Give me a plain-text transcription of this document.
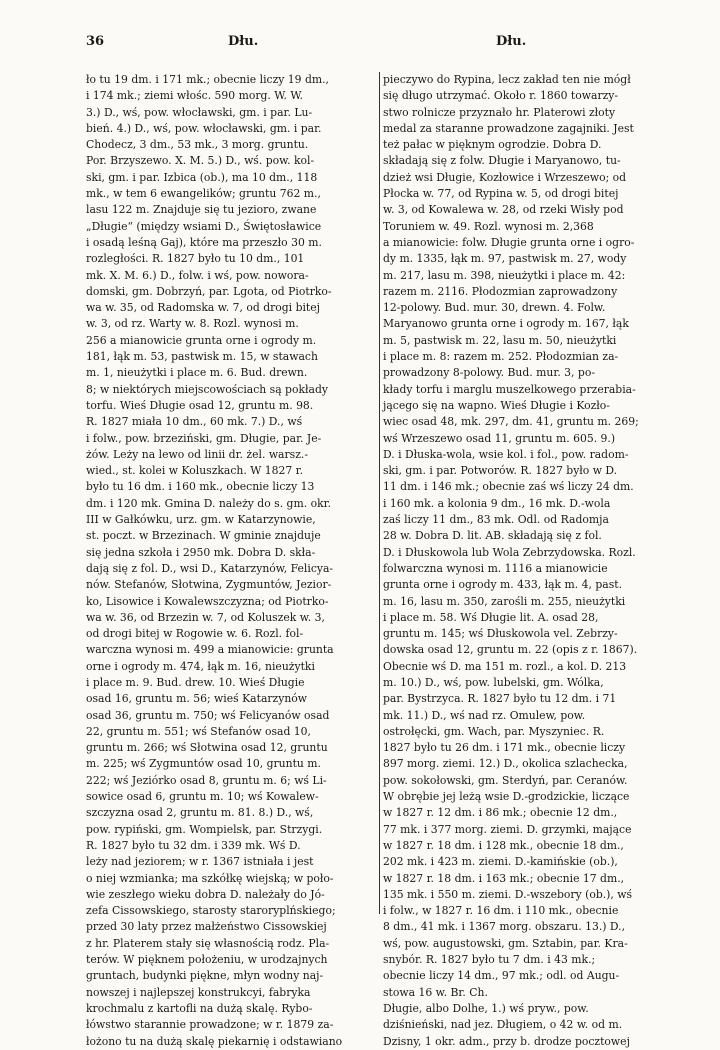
36	Dłu.	Dłu.
ło tu 19 dm. i 171 mk.; obecnie liczy 19 dm.,
i 174 mk.; ziemi włośc. 590 morg. W. W.
3.) D., wś, pow. włocławski, gm. i par. Lu-
bień. 4.) D., wś, pow. włocławski, gm. i par.
Chodecz, 3 dm., 53 mk., 3 morg. gruntu.
Por. Brzyszewo. X. M. 5.) D., wś. pow. kol-
ski, gm. i par. Izbica (ob.), ma 10 dm., 118
mk., w tem 6 ewangelików; gruntu 762 m.,
lasu 122 m. Znajduje się tu jezioro, zwane
„Długie“ (między wsiami D., Świętosławice
i osadą leśną Gaj), które ma przeszło 30 m.
rozległości. R. 1827 było tu 10 dm., 101
mk. X. M. 6.) D., folw. i wś, pow. nowora-
domski, gm. Dobrzyń, par. Lgota, od Piotrko-
wa w. 35, od Radomska w. 7, od drogi bitej
w. 3, od rz. Warty w. 8. Rozl. wynosi m.
256 a mianowicie grunta orne i ogrody m.
181, łąk m. 53, pastwisk m. 15, w stawach
m. 1, nieużytki i place m. 6. Bud. drewn.
8; w niektórych miejscowościach są pokłady
torfu. Wieś Długie osad 12, gruntu m. 98.
R. 1827 miała 10 dm., 60 mk. 7.) D., wś
i folw., pow. brzeziński, gm. Długie, par. Je-
żów. Leży na lewo od linii dr. żel. warsz.-
wied., st. kolei w Koluszkach. W 1827 r.
było tu 16 dm. i 160 mk., obecnie liczy 13
dm. i 120 mk. Gmina D. należy do s. gm. okr.
III w Gałkówku, urz. gm. w Katarzynowie,
st. poczt. w Brzezinach. W gminie znajduje
się jedna szkoła i 2950 mk. Dobra D. skła-
dają się z fol. D., wsi D., Katarzynów, Felicya-
nów. Stefanów, Słotwina, Zygmuntów, Jezior-
ko, Lisowice i Kowalewszczyzna; od Piotrko-
wa w. 36, od Brzezin w. 7, od Koluszek w. 3,
od drogi bitej w Rogowie w. 6. Rozl. fol-
warczna wynosi m. 499 a mianowicie: grunta
orne i ogrody m. 474, łąk m. 16, nieużytki
i place m. 9. Bud. drew. 10. Wieś Długie
osad 16, gruntu m. 56; wieś Katarzynów
osad 36, gruntu m. 750; wś Felicyanów osad
22, gruntu m. 551; wś Stefanów osad 10,
gruntu m. 266; wś Słotwina osad 12, gruntu
m. 225; wś Zygmuntów osad 10, gruntu m.
222; wś Jeziórko osad 8, gruntu m. 6; wś Li-
sowice osad 6, gruntu m. 10; wś Kowalew-
szczyzna osad 2, gruntu m. 81. 8.) D., wś,
pow. rypiński, gm. Wompielsk, par. Strzygi.
R. 1827 było tu 32 dm. i 339 mk. Wś D.
leży nad jeziorem; w r. 1367 istniała i jest
o niej wzmianka; ma szkółkę wiejską; w poło-
wie zeszłego wieku dobra D. należały do Jó-
zefa Cissowskiego, starosty staroryplńskiego;
przed 30 laty przez małżeństwo Cissowskiej
z hr. Platerem stały się własnością rodz. Pla-
terów. W pięknem położeniu, w urodzajnych
gruntach, budynki piękne, młyn wodny naj-
nowszej i najlepszej konstrukcyi, fabryka
krochmalu z kartofli na dużą skalę. Rybo-
łówstwo starannie prowadzone; w r. 1879 za-
łożono tu na dużą skalę piekarnię i odstawiano
pieczywo do Rypina, lecz zakład ten nie mógł
się długo utrzymać. Około r. 1860 towarzy-
stwo rolnicze przyznało hr. Platerowi złoty
medal za staranne prowadzone zagajniki. Jest
też pałac w pięknym ogrodzie. Dobra D.
składają się z folw. Długie i Maryanowo, tu-
dzież wsi Długie, Kozłowice i Wrzeszewo; od
Płocka w. 77, od Rypina w. 5, od drogi bitej
w. 3, od Kowalewa w. 28, od rzeki Wisły pod
Toruniem w. 49. Rozl. wynosi m. 2,368
a mianowicie: folw. Długie grunta orne i ogro-
dy m. 1335, łąk m. 97, pastwisk m. 27, wody
m. 217, lasu m. 398, nieużytki i place m. 42:
razem m. 2116. Płodozmian zaprowadzony
12-polowy. Bud. mur. 30, drewn. 4. Folw.
Maryanowo grunta orne i ogrody m. 167, łąk
m. 5, pastwisk m. 22, lasu m. 50, nieużytki
i place m. 8: razem m. 252. Płodozmian za-
prowadzony 8-polowy. Bud. mur. 3, po-
kłady torfu i marglu muszelkowego przerabia-
jącego się na wapno. Wieś Długie i Kozło-
wiec osad 48, mk. 297, dm. 41, gruntu m. 269;
wś Wrzeszewo osad 11, gruntu m. 605. 9.)
D. i Dłuska-wola, wsie kol. i fol., pow. radom-
ski, gm. i par. Potworów. R. 1827 było w D.
11 dm. i 146 mk.; obecnie zaś wś liczy 24 dm.
i 160 mk. a kolonia 9 dm., 16 mk. D.-wola
zaś liczy 11 dm., 83 mk. Odl. od Radomja
28 w. Dobra D. lit. AB. składają się z fol.
D. i Dłuskowola lub Wola Zebrzydowska. Rozl.
folwarczna wynosi m. 1116 a mianowicie
grunta orne i ogrody m. 433, łąk m. 4, past.
m. 16, lasu m. 350, zarośli m. 255, nieużytki
i place m. 58. Wś Długie lit. A. osad 28,
gruntu m. 145; wś Dłuskowola vel. Zebrzy-
dowska osad 12, gruntu m. 22 (opis z r. 1867).
Obecnie wś D. ma 151 m. rozl., a kol. D. 213
m. 10.) D., wś, pow. lubelski, gm. Wólka,
par. Bystrzyca. R. 1827 było tu 12 dm. i 71
mk. 11.) D., wś nad rz. Omulew, pow.
ostrołęcki, gm. Wach, par. Myszyniec. R.
1827 było tu 26 dm. i 171 mk., obecnie liczy
897 morg. ziemi. 12.) D., okolica szlachecka,
pow. sokołowski, gm. Sterdyń, par. Ceranów.
W obrębie jej leżą wsie D.-grodzickie, liczące
w 1827 r. 12 dm. i 86 mk.; obecnie 12 dm.,
77 mk. i 377 morg. ziemi. D. grzymki, mające
w 1827 r. 18 dm. i 128 mk., obecnie 18 dm.,
202 mk. i 423 m. ziemi. D.-kamińskie (ob.),
w 1827 r. 18 dm. i 163 mk.; obecnie 17 dm.,
135 mk. i 550 m. ziemi. D.-wszebory (ob.), wś
i folw., w 1827 r. 16 dm. i 110 mk., obecnie
8 dm., 41 mk. i 1367 morg. obszaru. 13.) D.,
wś, pow. augustowski, gm. Sztabin, par. Kra-
snybór. R. 1827 było tu 7 dm. i 43 mk.;
obecnie liczy 14 dm., 97 mk.; odl. od Augu-
stowa 16 w. Br. Ch.
Długie, albo Dolhe, 1.) wś pryw., pow.
dziśnieński, nad jez. Długiem, o 42 w. od m.
Dzisny, 1 okr. adm., przy b. drodze pocztowej
